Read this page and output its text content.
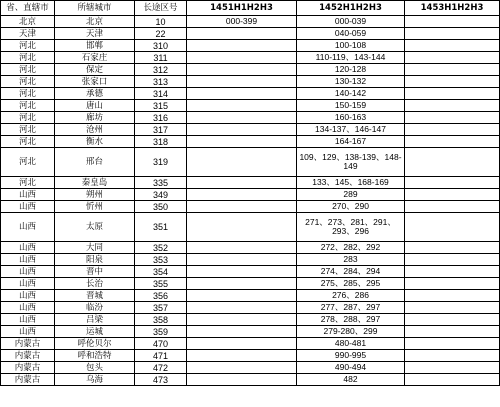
省、直辖市	所辖城市	长途区号	1451H1H2H3	1452H1H2H3	1453H1H2H3
北京	北京	10	000-399	000-039	
天津	天津	22		040-059	
河北	邯郸	310		100-108	
河北	石家庄	311		110-119、143-144	
河北	保定	312		120-128	
河北	张家口	313		130-132	
河北	承德	314		140-142	
河北	唐山	315		150-159	
河北	廊坊	316		160-163	
河北	沧州	317		134-137、146-147	
河北	衡水	318		164-167	
河北	邢台	319		109、129、138-139、148-149	
河北	秦皇岛	335		133、145、168-169	
山西	朔州	349		289	
山西	忻州	350		270、290	
山西	太原	351		271、273、281、291、293、296	
山西	大同	352		272、282、292	
山西	阳泉	353		283	
山西	晋中	354		274、284、294	
山西	长治	355		275、285、295	
山西	晋城	356		276、286	
山西	临汾	357		277、287、297	
山西	吕梁	358		278、288、297	
山西	运城	359		279-280、299	
内蒙古	呼伦贝尔	470		480-481	
内蒙古	呼和浩特	471		990-995	
内蒙古	包头	472		490-494	
内蒙古	乌海	473		482	
